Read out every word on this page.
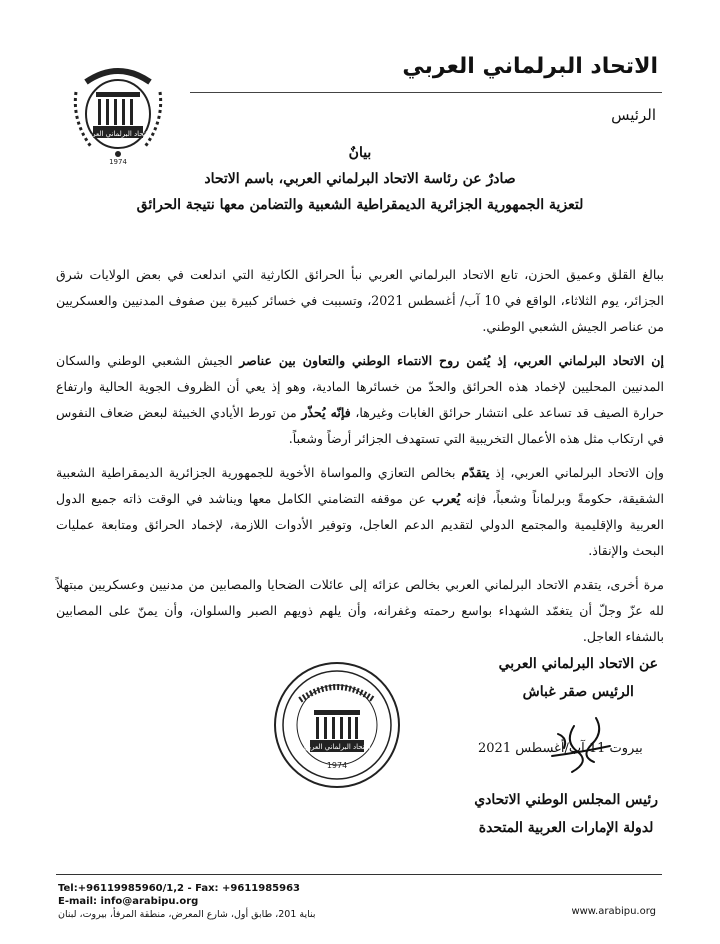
الاتحاد البرلماني العربي
الرئيس
الاتحاد البرلماني العربي
1974
بيانٌ
صادرٌ عن رئاسة الاتحاد البرلماني العربي، باسم الاتحاد
لتعزية الجمهورية الجزائرية الديمقراطية الشعبية والتضامن معها نتيجة الحرائق

ببالغ القلق وعميق الحزن، تابع الاتحاد البرلماني العربي نبأ الحرائق الكارثية التي اندلعت في بعض الولايات شرق الجزائر، يوم الثلاثاء، الواقع في 10 آب/ أغسطس 2021، وتسببت في خسائر كبيرة بين صفوف المدنيين والعسكريين من عناصر الجيش الشعبي الوطني.

إن الاتحاد البرلماني العربي، إذ يُثمن روح الانتماء الوطني والتعاون بين عناصر الجيش الشعبي الوطني والسكان المدنيين المحليين لإخماد هذه الحرائق والحدّ من خسائرها المادية، وهو إذ يعي أن الظروف الجوية الحالية وارتفاع حرارة الصيف قد تساعد على انتشار حرائق الغابات وغيرها، فإنّه يُحذّر من تورط الأيادي الخبيثة لبعض ضعاف النفوس في ارتكاب مثل هذه الأعمال التخريبية التي تستهدف الجزائر أرضاً وشعباً.

وإن الاتحاد البرلماني العربي، إذ يتقدّم بخالص التعازي والمواساة الأخوية للجمهورية الجزائرية الديمقراطية الشعبية الشقيقة، حكومةً وبرلماناً وشعباً، فإنه يُعرب عن موقفه التضامني الكامل معها ويناشد في الوقت ذاته جميع الدول العربية والإقليمية والمجتمع الدولي لتقديم الدعم العاجل، وتوفير الأدوات اللازمة، لإخماد الحرائق ومتابعة عمليات البحث والإنقاذ.

مرة أخرى، يتقدم الاتحاد البرلماني العربي بخالص عزائه إلى عائلات الضحايا والمصابين من مدنيين وعسكريين مبتهلاً لله عزّ وجلّ أن يتغمّد الشهداء بواسع رحمته وغفرانه، وأن يلهم ذويهم الصبر والسلوان، وأن يمنّ على المصابين بالشفاء العاجل.

عن الاتحاد البرلماني العربي
الرئيس صقر غباش
رئيس المجلس الوطني الاتحادي
لدولة الإمارات العربية المتحدة
الاتحاد البرلماني العربي
1974
بيروت 11 آب/أغسطس 2021
Tel:+96119985960/1,2 - Fax: +9611985963
E-mail: info@arabipu.org
بناية 201، طابق أول، شارع المعرض، منطقة المرفأ، بيروت، لبنان	www.arabipu.org
